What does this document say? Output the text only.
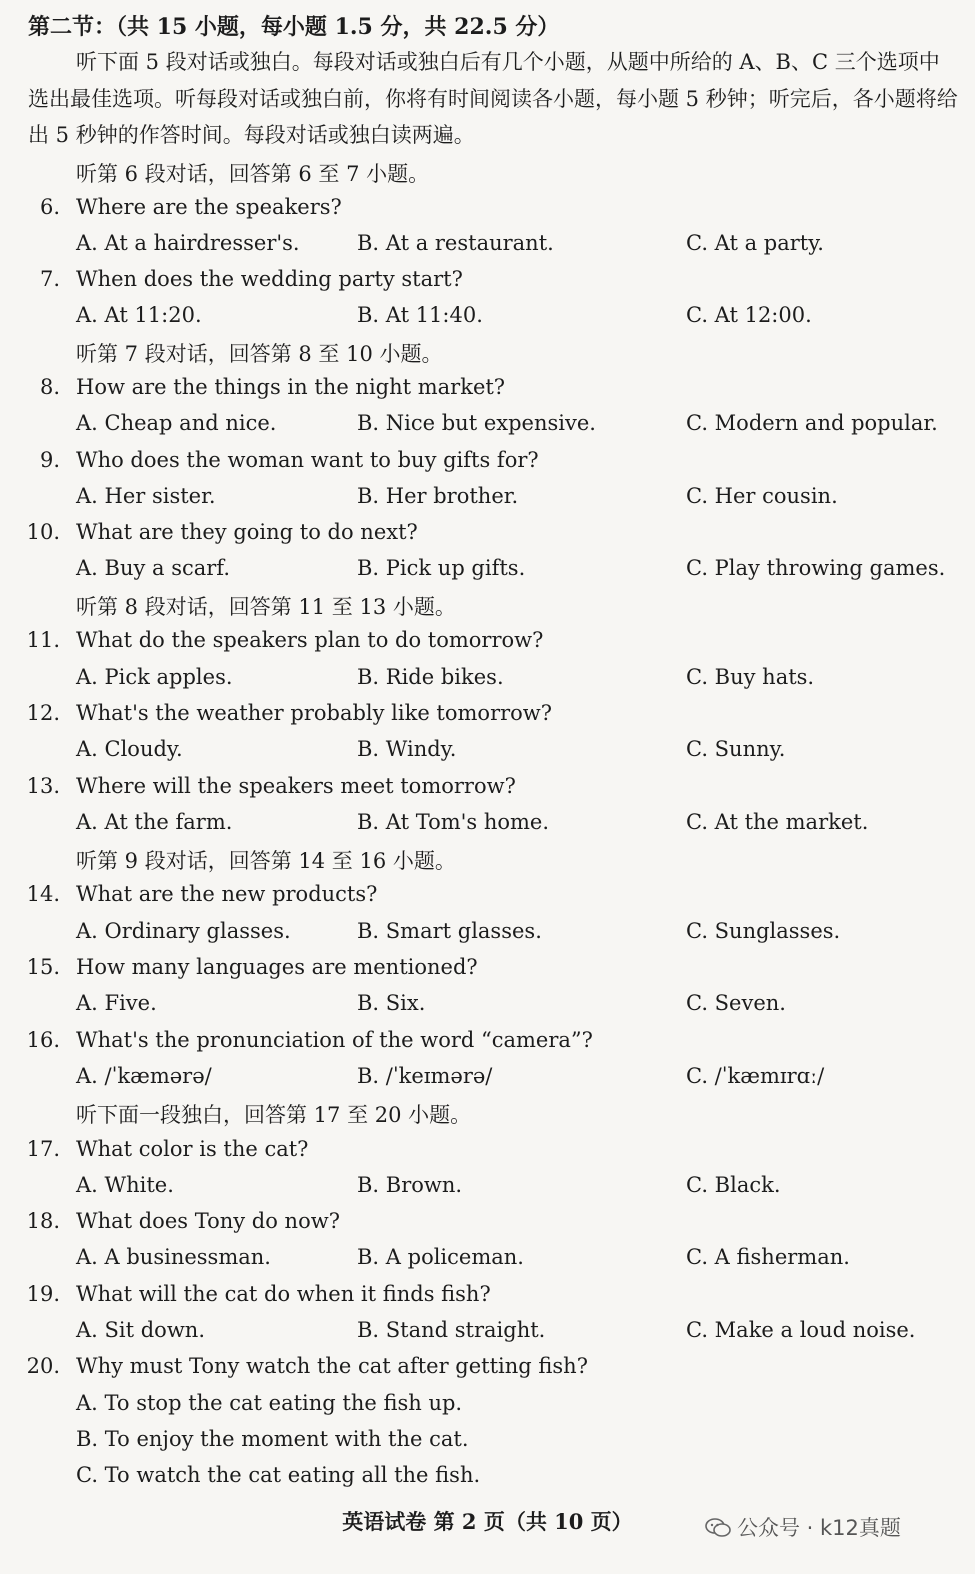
第二节：（共 15 小题，每小题 1.5 分，共 22.5 分）
听下面 5 段对话或独白。每段对话或独白后有几个小题，从题中所给的 A、B、C 三个选项中选出最佳选项。听每段对话或独白前，你将有时间阅读各小题，每小题 5 秒钟；听完后，各小题将给出 5 秒钟的作答时间。每段对话或独白读两遍。
听第 6 段对话，回答第 6 至 7 小题。
6. Where are the speakers?
A. At a hairdresser's.	B. At a restaurant.	C. At a party.
7. When does the wedding party start?
A. At 11:20.	B. At 11:40.	C. At 12:00.
听第 7 段对话，回答第 8 至 10 小题。
8. How are the things in the night market?
A. Cheap and nice.	B. Nice but expensive.	C. Modern and popular.
9. Who does the woman want to buy gifts for?
A. Her sister.	B. Her brother.	C. Her cousin.
10. What are they going to do next?
A. Buy a scarf.	B. Pick up gifts.	C. Play throwing games.
听第 8 段对话，回答第 11 至 13 小题。
11. What do the speakers plan to do tomorrow?
A. Pick apples.	B. Ride bikes.	C. Buy hats.
12. What's the weather probably like tomorrow?
A. Cloudy.	B. Windy.	C. Sunny.
13. Where will the speakers meet tomorrow?
A. At the farm.	B. At Tom's home.	C. At the market.
听第 9 段对话，回答第 14 至 16 小题。
14. What are the new products?
A. Ordinary glasses.	B. Smart glasses.	C. Sunglasses.
15. How many languages are mentioned?
A. Five.	B. Six.	C. Seven.
16. What's the pronunciation of the word “camera”?
A. /ˈkæmərə/	B. /ˈkeɪmərə/	C. /ˈkæmɪrɑː/
听下面一段独白，回答第 17 至 20 小题。
17. What color is the cat?
A. White.	B. Brown.	C. Black.
18. What does Tony do now?
A. A businessman.	B. A policeman.	C. A fisherman.
19. What will the cat do when it finds fish?
A. Sit down.	B. Stand straight.	C. Make a loud noise.
20. Why must Tony watch the cat after getting fish?
A. To stop the cat eating the fish up.
B. To enjoy the moment with the cat.
C. To watch the cat eating all the fish.
英语试卷 第 2 页（共 10 页）	公众号 · k12真题
